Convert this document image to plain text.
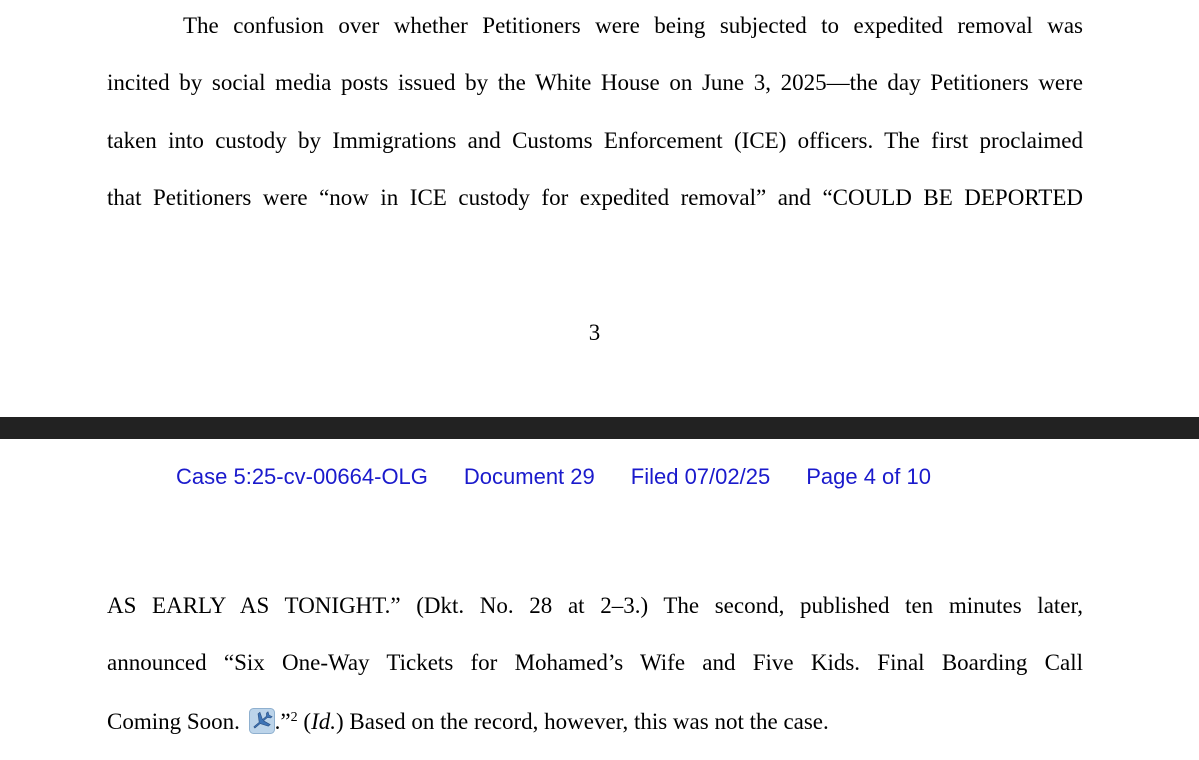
The confusion over whether Petitioners were being subjected to expedited removal was
incited by social media posts issued by the White House on June 3, 2025—the day Petitioners were
taken into custody by Immigrations and Customs Enforcement (ICE) officers. The first proclaimed
that Petitioners were “now in ICE custody for expedited removal” and “COULD BE DEPORTED
3
Case 5:25-cv-00664-OLG Document 29 Filed 07/02/25 Page 4 of 10
AS EARLY AS TONIGHT.” (Dkt. No. 28 at 2–3.) The second, published ten minutes later,
announced “Six One-Way Tickets for Mohamed’s Wife and Five Kids. Final Boarding Call
Coming Soon. .”$^2$ (Id.) Based on the record, however, this was not the case.
